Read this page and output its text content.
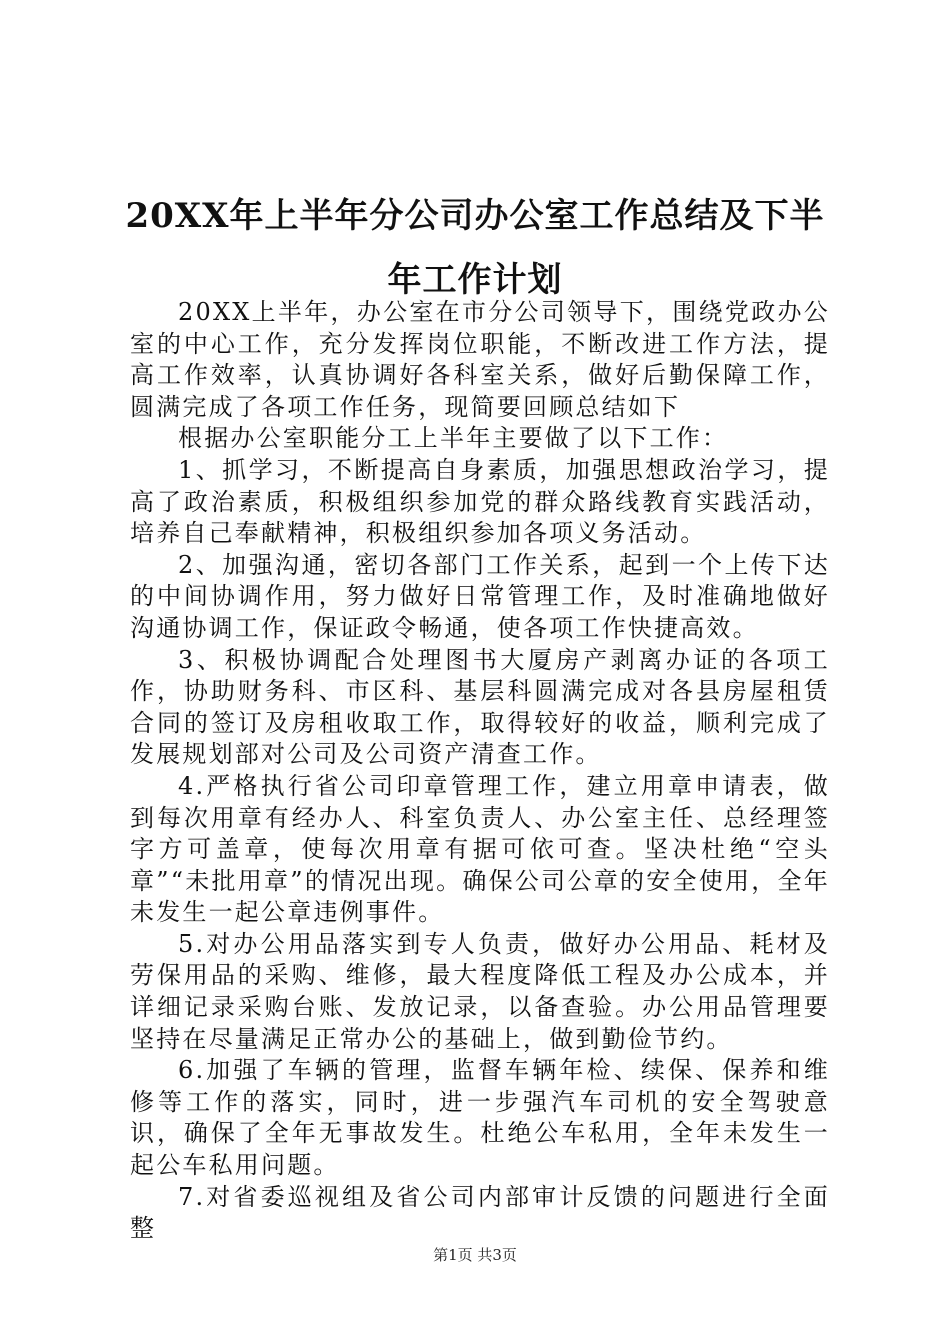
20XX年上半年分公司办公室工作总结及下半
年工作计划

20XX上半年，办公室在市分公司领导下，围绕党政办公室的中心工作，充分发挥岗位职能，不断改进工作方法，提高工作效率，认真协调好各科室关系，做好后勤保障工作，圆满完成了各项工作任务，现简要回顾总结如下

根据办公室职能分工上半年主要做了以下工作：

1、抓学习，不断提高自身素质，加强思想政治学习，提高了政治素质，积极组织参加党的群众路线教育实践活动，培养自己奉献精神，积极组织参加各项义务活动。

2、加强沟通，密切各部门工作关系，起到一个上传下达的中间协调作用，努力做好日常管理工作，及时准确地做好沟通协调工作，保证政令畅通，使各项工作快捷高效。

3、积极协调配合处理图书大厦房产剥离办证的各项工作，协助财务科、市区科、基层科圆满完成对各县房屋租赁合同的签订及房租收取工作，取得较好的收益，顺利完成了发展规划部对公司及公司资产清查工作。

4.严格执行省公司印章管理工作，建立用章申请表，做到每次用章有经办人、科室负责人、办公室主任、总经理签字方可盖章，使每次用章有据可依可查。坚决杜绝“空头章”“未批用章”的情况出现。确保公司公章的安全使用，全年未发生一起公章违例事件。

5.对办公用品落实到专人负责，做好办公用品、耗材及劳保用品的采购、维修，最大程度降低工程及办公成本，并详细记录采购台账、发放记录，以备查验。办公用品管理要坚持在尽量满足正常办公的基础上，做到勤俭节约。

6.加强了车辆的管理，监督车辆年检、续保、保养和维修等工作的落实，同时，进一步强汽车司机的安全驾驶意识，确保了全年无事故发生。杜绝公车私用，全年未发生一起公车私用问题。

7.对省委巡视组及省公司内部审计反馈的问题进行全面整

第1页 共3页
